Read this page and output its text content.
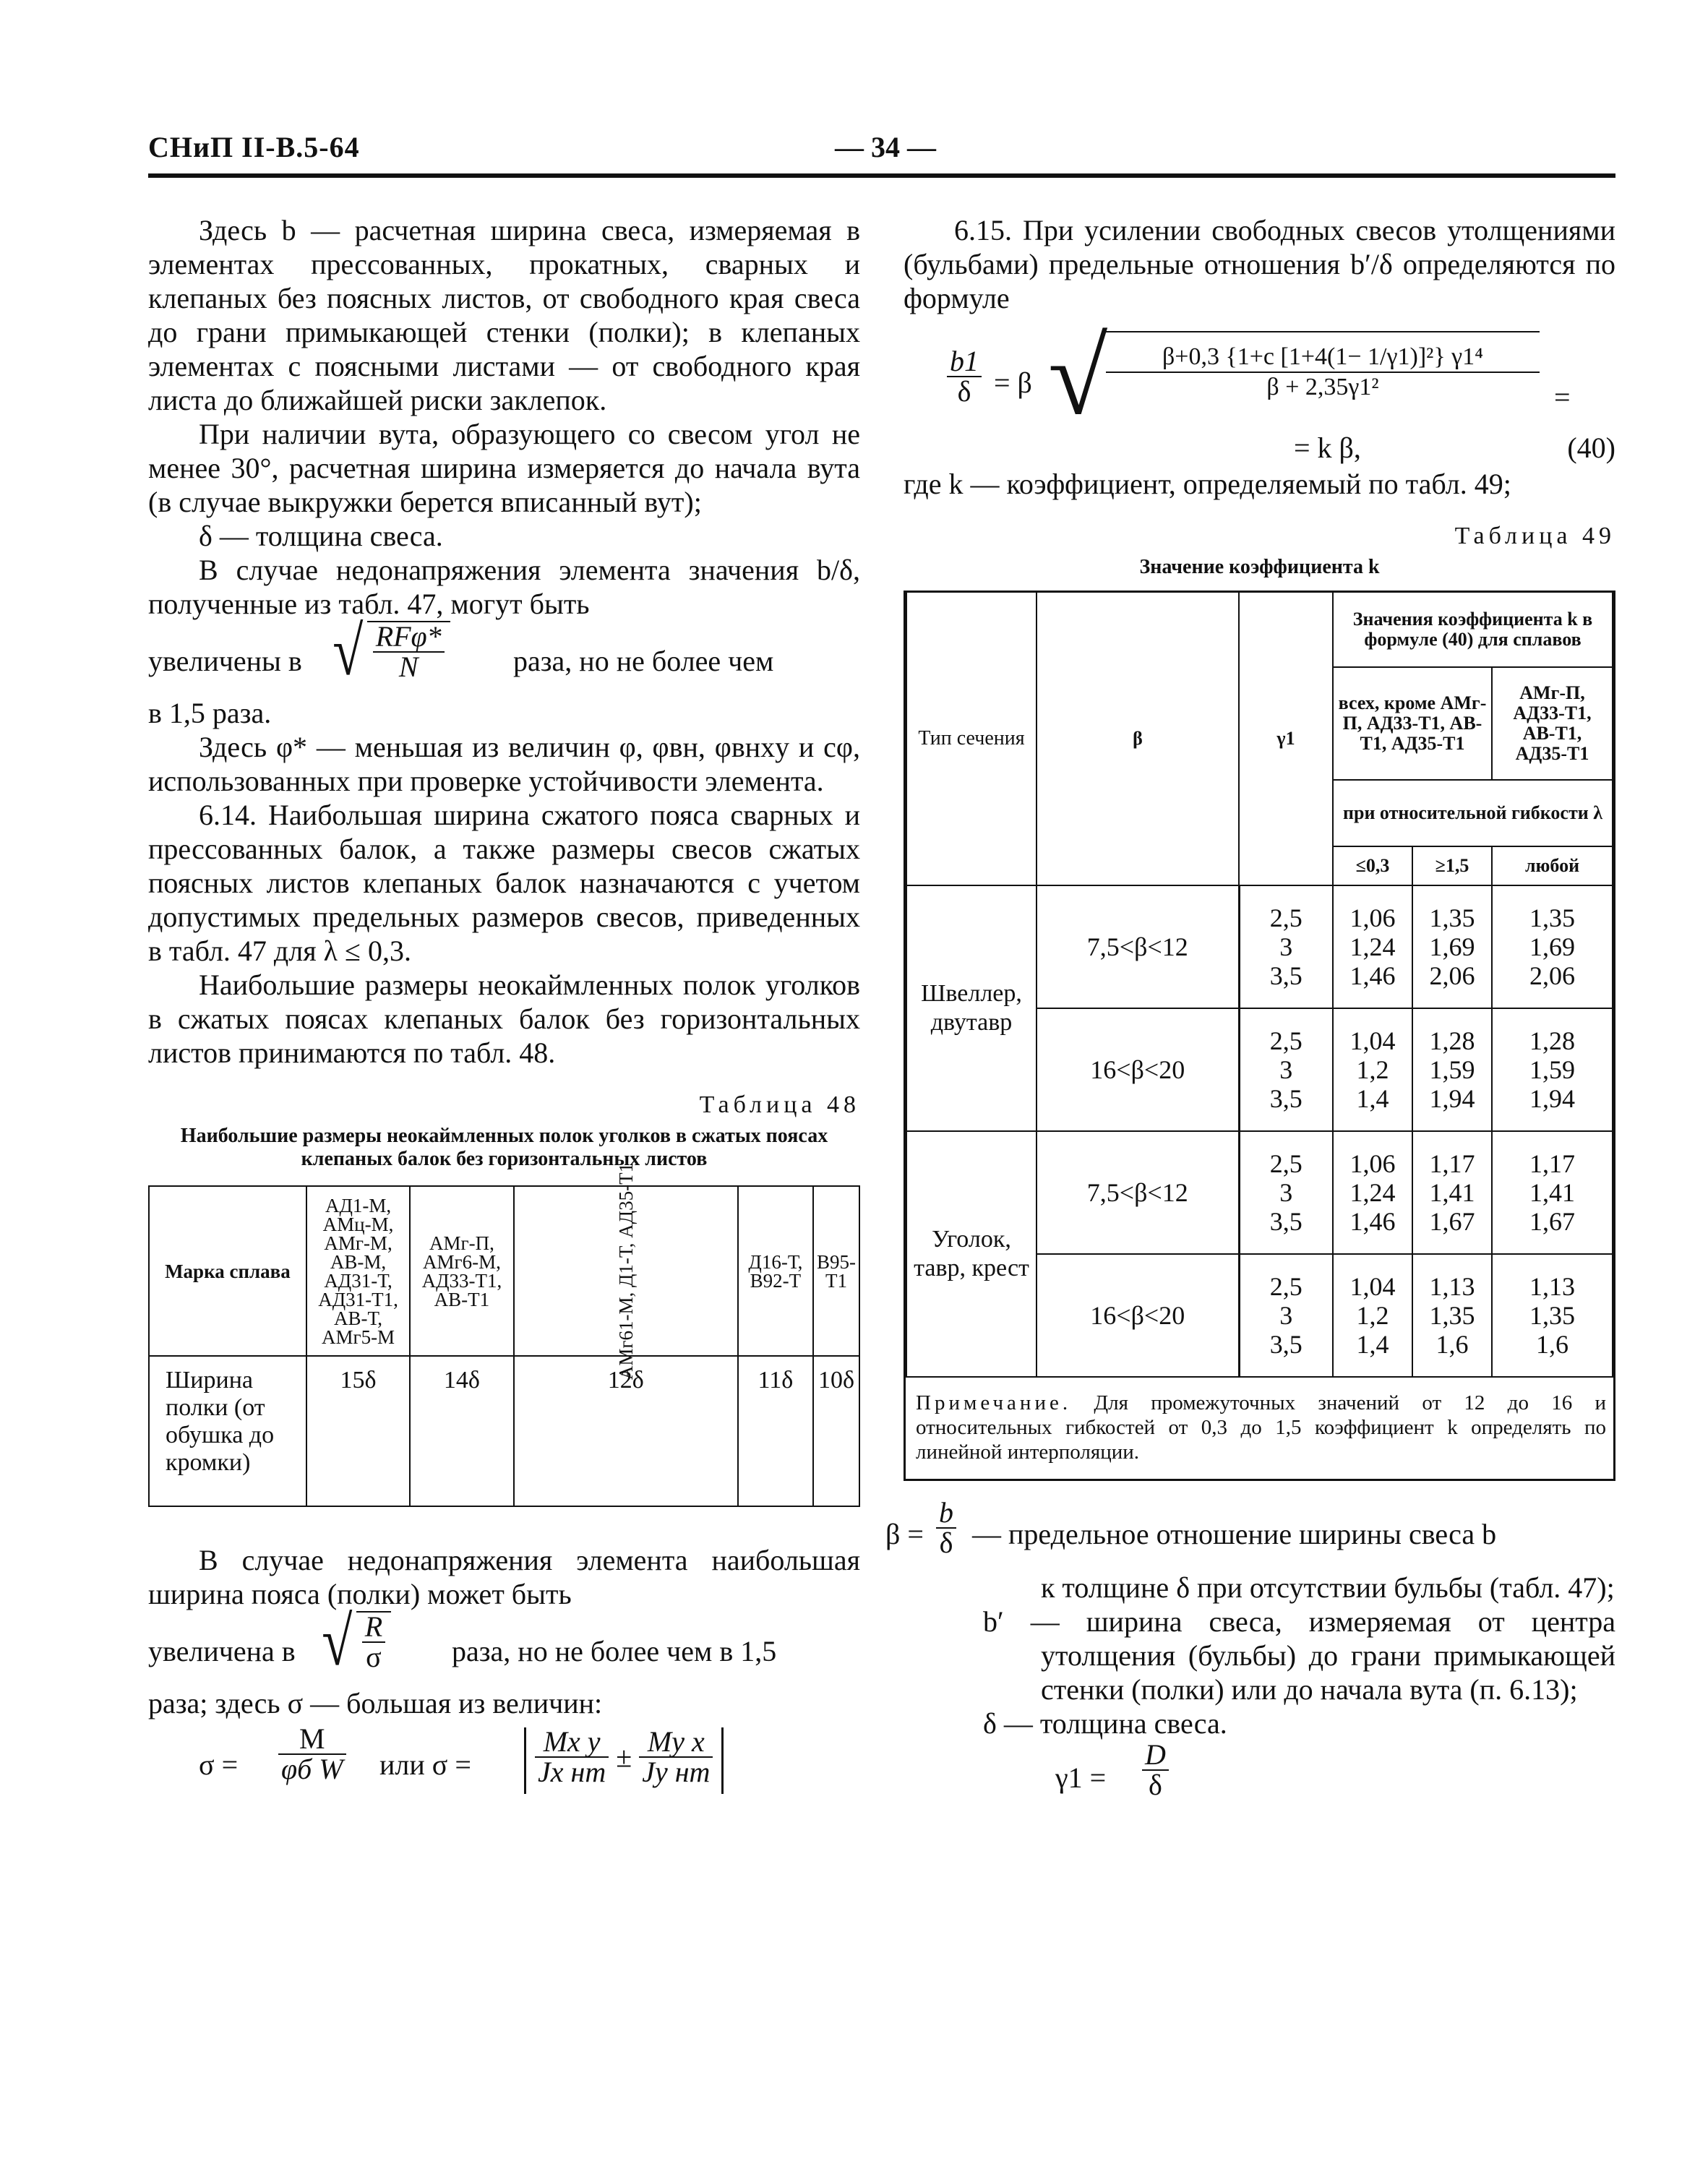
СНиП II-В.5-64	— 34 —

Здесь b — расчетная ширина свеса, измеряемая в элементах прессованных, прокатных, сварных и клепаных без поясных листов, от свободного края свеса до грани примыкающей стенки (полки); в клепаных элементах с поясными листами — от свободного края листа до ближайшей риски заклепок.

При наличии вута, образующего со свесом угол не менее 30°, расчетная ширина измеряется до начала вута (в случае выкружки берется вписанный вут);

δ — толщина свеса.

В случае недонапряжения элемента значения b/δ, полученные из табл. 47, могут быть

увеличены в √ $\frac{\text{RFφ*}}{N}$ раза, но не более чем

в 1,5 раза.

Здесь φ* — меньшая из величин φ, φвн, φвнxy и cφ, использованных при проверке устойчивости элемента.

6.14. Наибольшая ширина сжатого пояса сварных и прессованных балок, а также размеры свесов сжатых поясных листов клепаных балок назначаются с учетом допустимых предельных размеров свесов, приведенных в табл. 47 для λ ≤ 0,3.

Наибольшие размеры неокаймленных полок уголков в сжатых поясах клепаных балок без горизонтальных листов принимаются по табл. 48.

Таблица 48
Наибольшие размеры неокаймленных полок уголков в сжатых поясах клепаных балок без горизонтальных листов
Марка сплава	АД1-М, АМц-М, АМг-М, АВ-М, АД31-Т, АД31-Т1, АВ-Т, АМг5-М	АМг-П, АМг6-М, АД33-Т1, АВ-Т1	АМг61-М, Д1-Т, АД35-Т1	Д16-Т, В92-Т	В95-Т1
Ширина полки (от обушка до кромки)	15δ	14δ	12δ	11δ	10δ

В случае недонапряжения элемента наибольшая ширина пояса (полки) может быть

увеличена в √ $\frac{R}{\sigma}$ раза, но не более чем в 1,5

раза; здесь σ — большая из величин:

σ =
M
φб W или $\sigma = \frac{\text{Mx y}}{\text{Jx нт}} \pm \frac{\text{My x}}{\text{Jy нт}}$

6.15. При усилении свободных свесов утолщениями (бульбами) предельные отношения b′/δ определяются по формуле

$\frac{b1}{\delta} = \beta$ √
$\frac{\text{β+0,3 \{1+c [1+4(1− 1/γ1)]²\} γ1⁴}}{\text{β + 2,35γ1²}}$ =
= k β,	(40)

где k — коэффициент, определяемый по табл. 49;

Таблица 49
Значение коэффициента k
Тип сечения	β	γ1	Значения коэффициента k в формуле (40) для сплавов		
			всех, кроме АМг-П, АД33-Т1, АВ-Т1, АД35-Т1		АМг-П, АД33-Т1, АВ-Т1, АД35-Т1
			при относительной гибкости λ		
			≤0,3	≥1,5	любой
Швеллер, двутавр	7,5<β<12	2,5
3
3,5	1,06
1,24
1,46	1,35
1,69
2,06	1,35
1,69
2,06
	16<β<20	2,5
3
3,5	1,04
1,2
1,4	1,28
1,59
1,94	1,28
1,59
1,94
Уголок, тавр, крест	7,5<β<12	2,5
3
3,5	1,06
1,24
1,46	1,17
1,41
1,67	1,17
1,41
1,67
	16<β<20	2,5
3
3,5	1,04
1,2
1,4	1,13
1,35
1,6	1,13
1,35
1,6
Примечание. Для промежуточных значений от 12 до 16 и относительных гибкостей от 0,3 до 1,5 коэффициент k определять по линейной интерполяции.
$\beta = \frac{b}{\delta}$ — предельное отношение ширины свеса b

к толщине δ при отсутствии бульбы (табл. 47);

b′ — ширина свеса, измеряемая от центра утолщения (бульбы) до грани примыкающей стенки (полки) или до начала вута (п. 6.13);

δ — толщина свеса.

$\gamma 1 = \frac{D}{\delta}$
